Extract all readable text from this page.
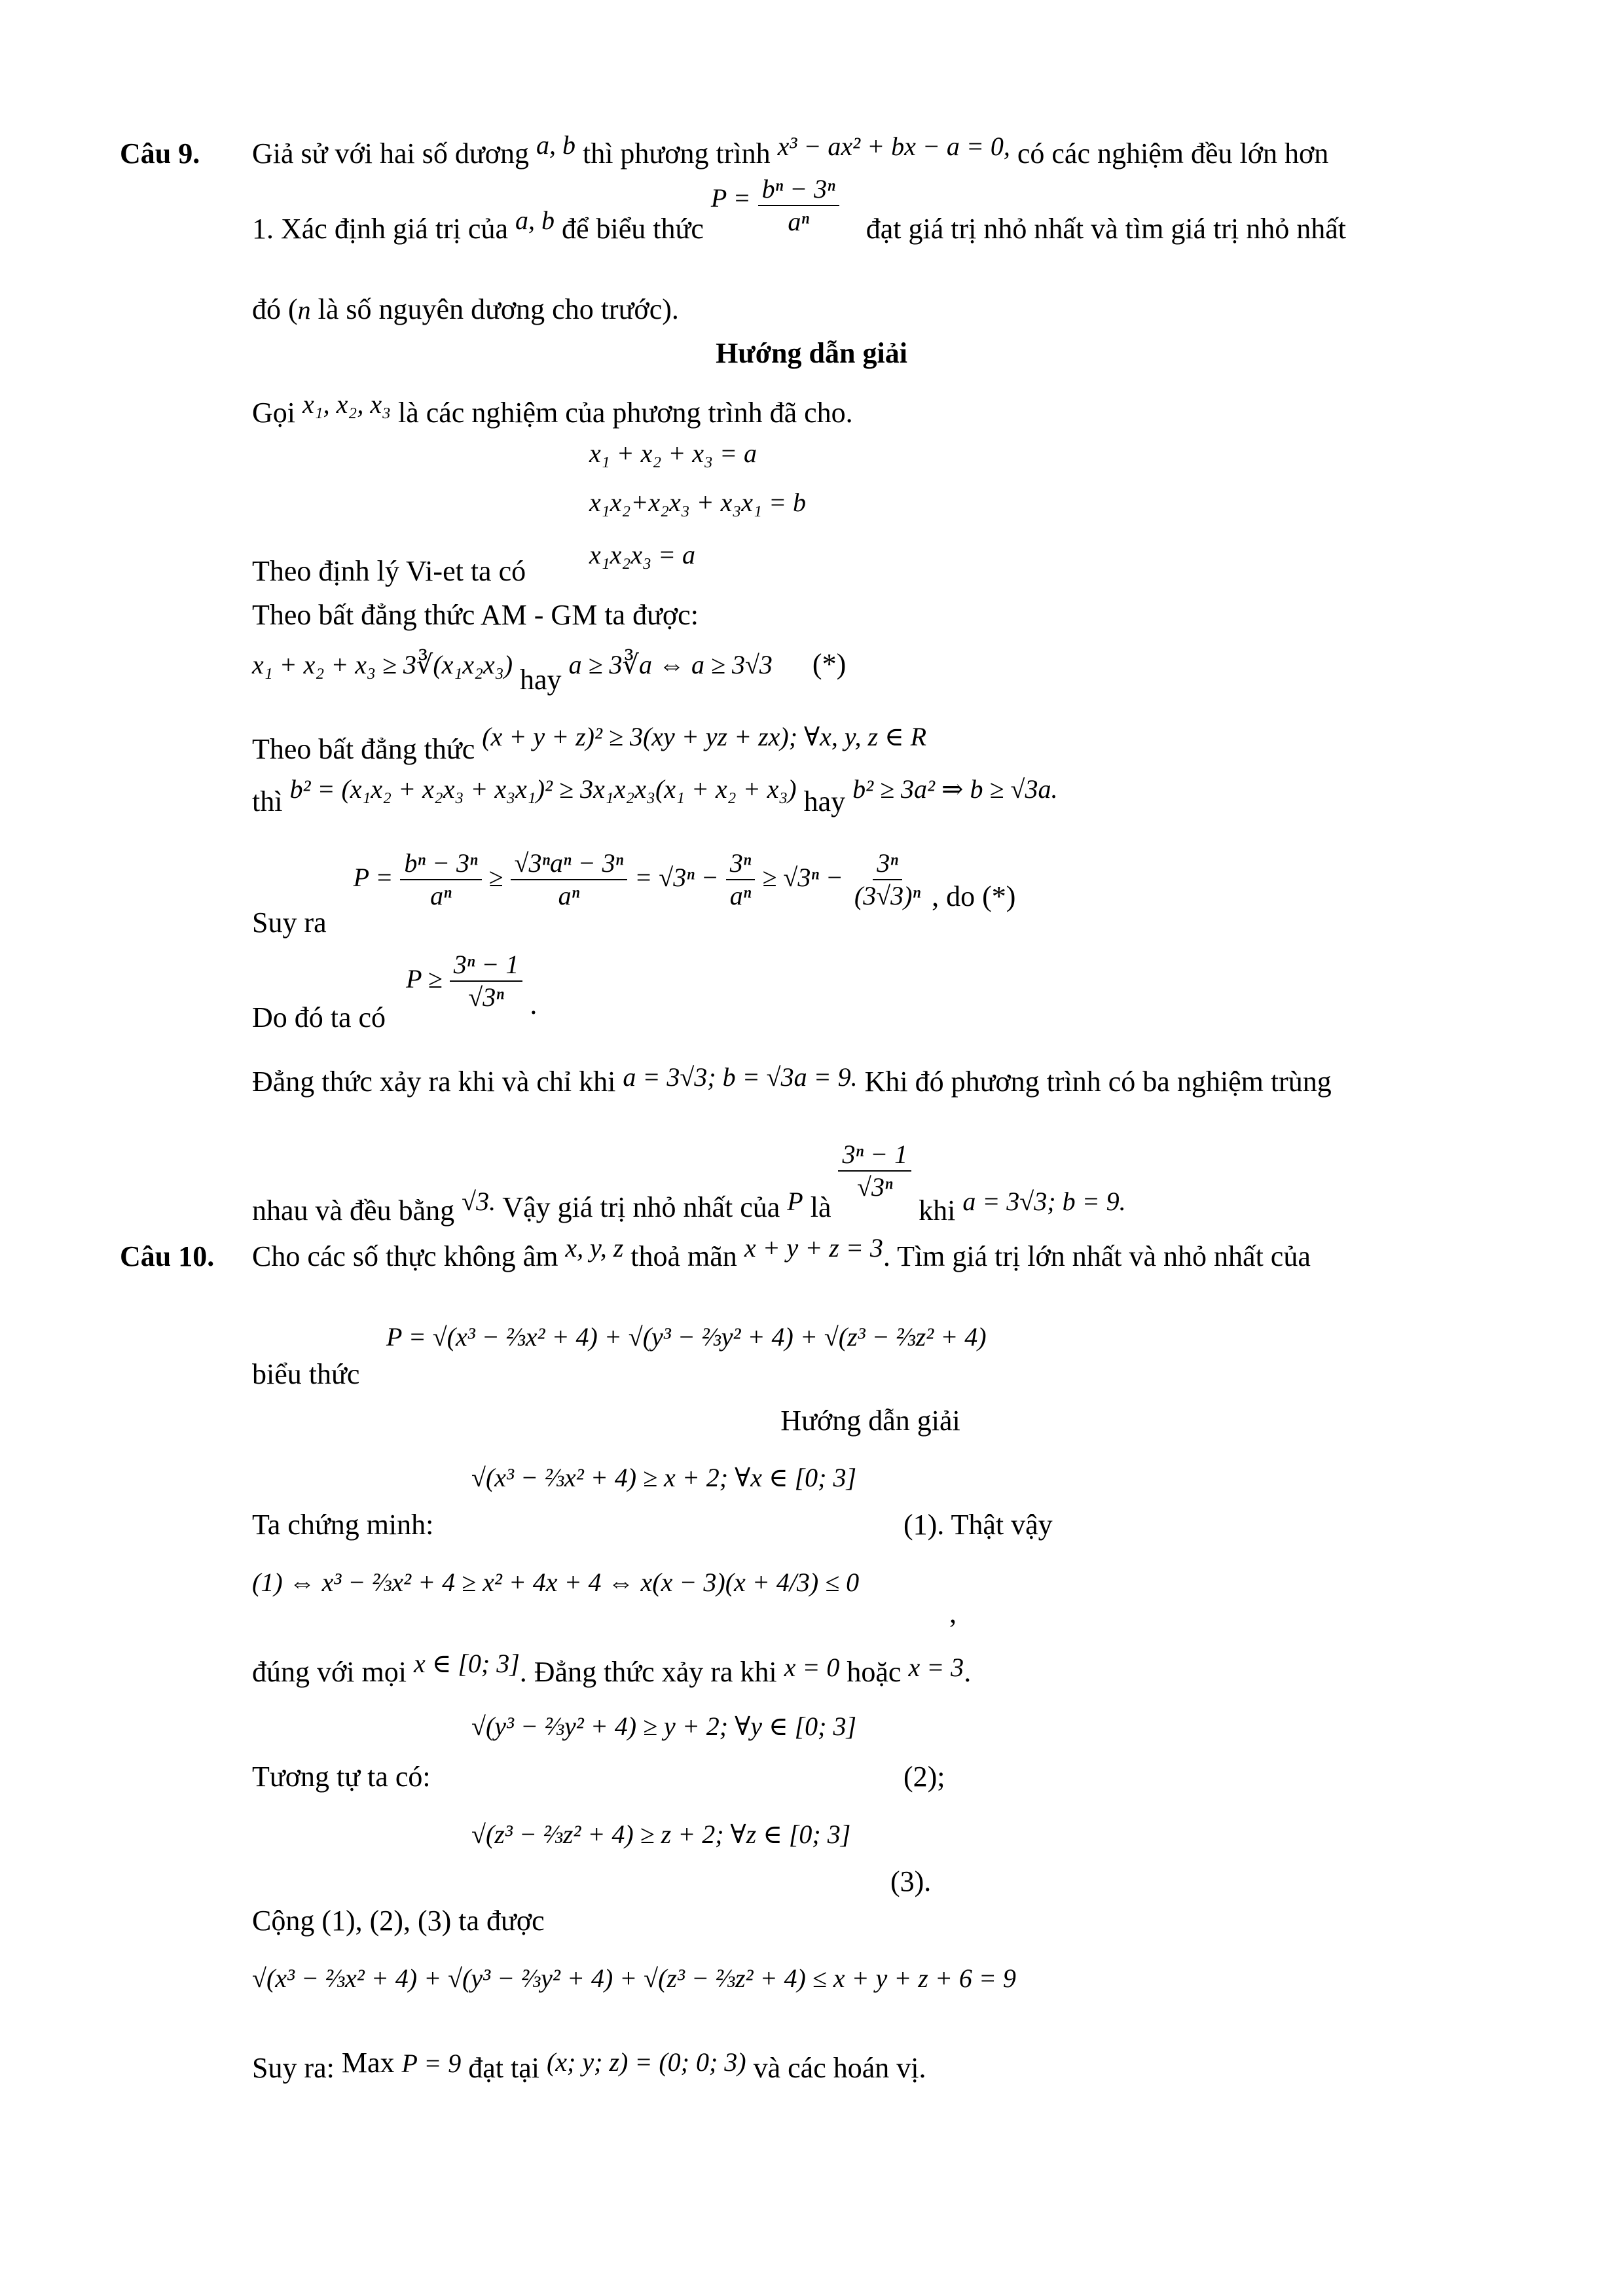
Câu 9. Giả sử với hai số dương a, b thì phương trình x³ − ax² + bx − a = 0, có các nghiệm đều lớn hơn
1. Xác định giá trị của a, b để biểu thức $P = \frac{\text{bⁿ − 3ⁿ}}{\text{aⁿ}}$ đạt giá trị nhỏ nhất và tìm giá trị nhỏ nhất
đó (n là số nguyên dương cho trước).
Hướng dẫn giải
Gọi x₁, x₂, x₃ là các nghiệm của phương trình đã cho.
x₁ + x₂ + x₃ = a
x₁x₂+x₂x₃ + x₃x₁ = b
x₁x₂x₃ = a
Theo định lý Vi-et ta có
Theo bất đẳng thức AM - GM ta được:
x₁ + x₂ + x₃ ≥ 3∛(x₁x₂x₃) hay a ≥ 3∛a ⇔ a ≥ 3√3 (*)
Theo bất đẳng thức (x + y + z)² ≥ 3(xy + yz + zx); ∀x, y, z ∈ R
thì b² = (x₁x₂ + x₂x₃ + x₃x₁)² ≥ 3x₁x₂x₃(x₁ + x₂ + x₃) hay b² ≥ 3a² ⇒ b ≥ √3a.
Suy ra $P = \frac{\text{bⁿ − 3ⁿ}}{\text{aⁿ}} \ge \frac{\text{√3ⁿaⁿ − 3ⁿ}}{\text{aⁿ}} = √3^n - \frac{\text{3ⁿ}}{\text{aⁿ}} \ge √3^n - \frac{\text{3ⁿ}}{\text{(3√3)ⁿ}}$ , do (*)
Do đó ta có $P \ge \frac{\text{3ⁿ − 1}}{\text{√3ⁿ}}$ .
Đẳng thức xảy ra khi và chỉ khi a = 3√3; b = √3a = 9. Khi đó phương trình có ba nghiệm trùng
nhau và đều bằng √3. Vậy giá trị nhỏ nhất của P là
$\frac{\text{3ⁿ − 1}}{\text{√3ⁿ}}$
khi a = 3√3; b = 9.
Câu 10. Cho các số thực không âm x, y, z thoả mãn x + y + z = 3. Tìm giá trị lớn nhất và nhỏ nhất của
biểu thức
P = √(x³ − ⅔x² + 4) + √(y³ − ⅔y² + 4) + √(z³ − ⅔z² + 4)
Hướng dẫn giải
Ta chứng minh:
√(x³ − ⅔x² + 4) ≥ x + 2; ∀x ∈ [0; 3]
(1). Thật vậy
(1) ⇔ x³ − ⅔x² + 4 ≥ x² + 4x + 4 ⇔ x(x − 3)(x + 4/3) ≤ 0
,
đúng với mọi x ∈ [0; 3]. Đẳng thức xảy ra khi x = 0 hoặc x = 3.
Tương tự ta có:
√(y³ − ⅔y² + 4) ≥ y + 2; ∀y ∈ [0; 3]
(2);
√(z³ − ⅔z² + 4) ≥ z + 2; ∀z ∈ [0; 3]
(3).
Cộng (1), (2), (3) ta được
√(x³ − ⅔x² + 4) + √(y³ − ⅔y² + 4) + √(z³ − ⅔z² + 4) ≤ x + y + z + 6 = 9
Suy ra: Max P = 9 đạt tại (x; y; z) = (0; 0; 3) và các hoán vị.
